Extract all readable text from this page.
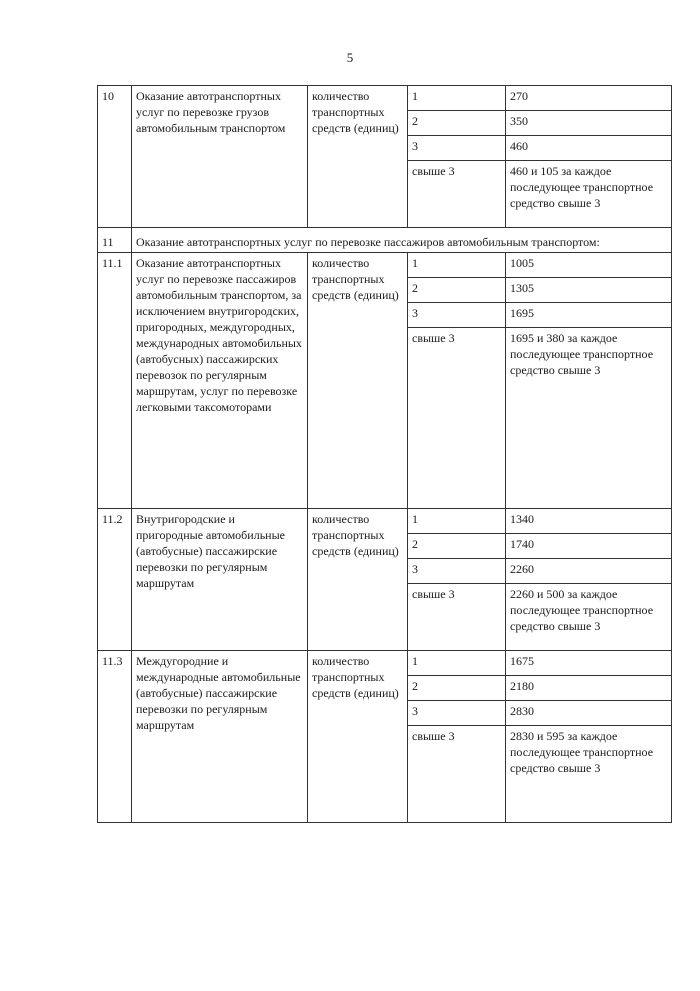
5
10	Оказание автотранспортных услуг по перевозке грузов автомобильным транспортом	количество транспортных средств (единиц)	1	270
			2	350
			3	460
			свыше 3	460 и 105 за каждое последующее транспортное средство свыше 3
11	Оказание автотранспортных услуг по перевозке пассажиров автомобильным транспортом:			
11.1	Оказание автотранспортных услуг по перевозке пассажиров автомобильным транспортом, за исключением внутригородских, пригородных, междугородных, международных автомобильных (автобусных) пассажирских перевозок по регулярным маршрутам, услуг по перевозке легковыми таксомоторами	количество транспортных средств (единиц)	1	1005
			2	1305
			3	1695
			свыше 3	1695 и 380 за каждое последующее транспортное средство свыше 3
11.2	Внутригородские и пригородные автомобильные (автобусные) пассажирские перевозки по регулярным маршрутам	количество транспортных средств (единиц)	1	1340
			2	1740
			3	2260
			свыше 3	2260 и 500 за каждое последующее транспортное средство свыше 3
11.3	Междугородние и международные автомобильные (автобусные) пассажирские перевозки по регулярным маршрутам	количество транспортных средств (единиц)	1	1675
			2	2180
			3	2830
			свыше 3	2830 и 595 за каждое последующее транспортное средство свыше 3
